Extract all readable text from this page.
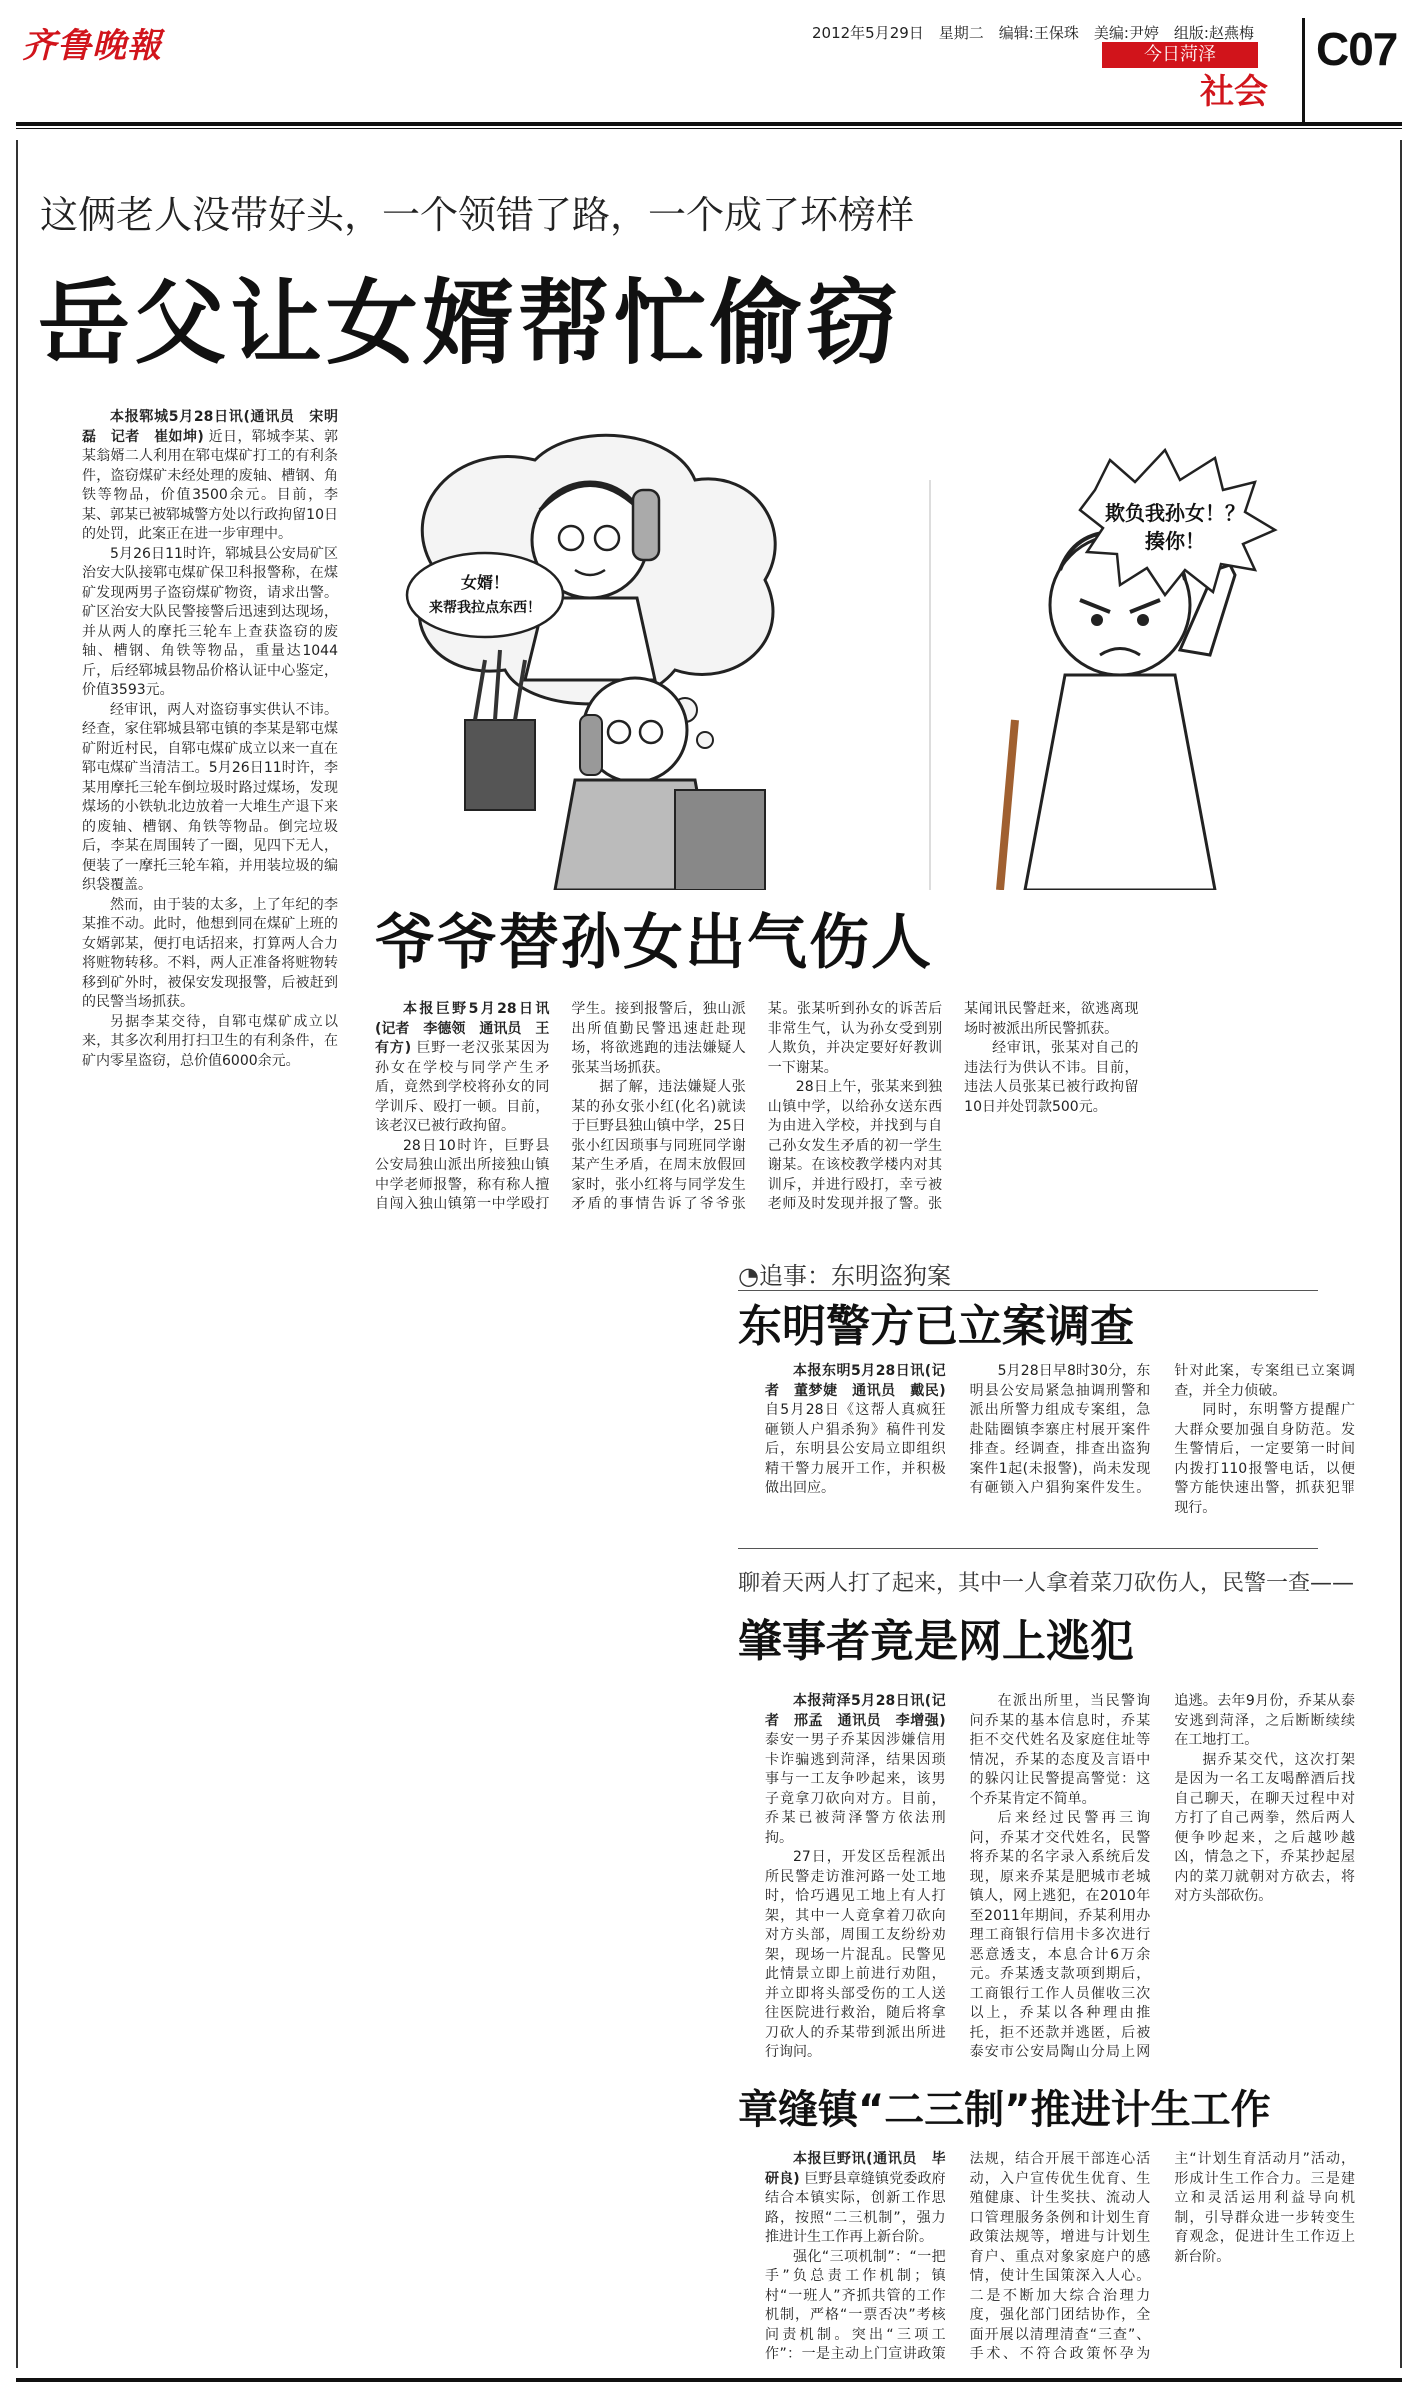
齐鲁晚報	2012年5月29日　星期二　编辑:王保珠　美编:尹婷　组版:赵燕梅
今日菏泽
社会
C07
这俩老人没带好头，一个领错了路，一个成了坏榜样
岳父让女婿帮忙偷窃

本报郓城5月28日讯(通讯员　宋明磊　记者　崔如坤) 近日，郓城李某、郭某翁婿二人利用在郓屯煤矿打工的有利条件，盗窃煤矿未经处理的废轴、槽钢、角铁等物品，价值3500余元。目前，李某、郭某已被郓城警方处以行政拘留10日的处罚，此案正在进一步审理中。

5月26日11时许，郓城县公安局矿区治安大队接郓屯煤矿保卫科报警称，在煤矿发现两男子盗窃煤矿物资，请求出警。矿区治安大队民警接警后迅速到达现场，并从两人的摩托三轮车上查获盗窃的废轴、槽钢、角铁等物品，重量达1044斤，后经郓城县物品价格认证中心鉴定，价值3593元。

经审讯，两人对盗窃事实供认不讳。经查，家住郓城县郓屯镇的李某是郓屯煤矿附近村民，自郓屯煤矿成立以来一直在郓屯煤矿当清洁工。5月26日11时许，李某用摩托三轮车倒垃圾时路过煤场，发现煤场的小铁轨北边放着一大堆生产退下来的废轴、槽钢、角铁等物品。倒完垃圾后，李某在周围转了一圈，见四下无人，便装了一摩托三轮车箱，并用装垃圾的编织袋覆盖。

然而，由于装的太多，上了年纪的李某推不动。此时，他想到同在煤矿上班的女婿郭某，便打电话招来，打算两人合力将赃物转移。不料，两人正准备将赃物转移到矿外时，被保安发现报警，后被赶到的民警当场抓获。

另据李某交待，自郓屯煤矿成立以来，其多次利用打扫卫生的有利条件，在矿内零星盗窃，总价值6000余元。

女婿！
来帮我拉点东西！
欺负我孙女！？
揍你！
爷爷替孙女出气伤人

本报巨野5月28日讯(记者　李德领　通讯员　王有方) 巨野一老汉张某因为孙女在学校与同学产生矛盾，竟然到学校将孙女的同学训斥、殴打一顿。目前，该老汉已被行政拘留。

28日10时许，巨野县公安局独山派出所接独山镇中学老师报警，称有称人擅自闯入独山镇第一中学殴打学生。接到报警后，独山派出所值勤民警迅速赶赴现场，将欲逃跑的违法嫌疑人张某当场抓获。

据了解，违法嫌疑人张某的孙女张小红(化名)就读于巨野县独山镇中学，25日张小红因琐事与同班同学谢某产生矛盾，在周末放假回家时，张小红将与同学发生矛盾的事情告诉了爷爷张某。张某听到孙女的诉苦后非常生气，认为孙女受到别人欺负，并决定要好好教训一下谢某。

28日上午，张某来到独山镇中学，以给孙女送东西为由进入学校，并找到与自己孙女发生矛盾的初一学生谢某。在该校教学楼内对其训斥，并进行殴打，幸亏被老师及时发现并报了警。张某闻讯民警赶来，欲逃离现场时被派出所民警抓获。

经审讯，张某对自己的违法行为供认不讳。目前，违法人员张某已被行政拘留10日并处罚款500元。

◔追事：东明盗狗案
东明警方已立案调查

本报东明5月28日讯(记者　董梦婕　通讯员　戴民) 自5月28日《这帮人真疯狂　砸锁人户猖杀狗》稿件刊发后，东明县公安局立即组织精干警力展开工作，并积极做出回应。

5月28日早8时30分，东明县公安局紧急抽调刑警和派出所警力组成专案组，急赴陆圈镇李寨庄村展开案件排查。经调查，排查出盗狗案件1起(未报警)，尚未发现有砸锁入户猖狗案件发生。针对此案，专案组已立案调查，并全力侦破。

同时，东明警方提醒广大群众要加强自身防范。发生警情后，一定要第一时间内拨打110报警电话，以便警方能快速出警，抓获犯罪现行。

聊着天两人打了起来，其中一人拿着菜刀砍伤人，民警一查——
肇事者竟是网上逃犯

本报菏泽5月28日讯(记者　邢孟　通讯员　李增强) 泰安一男子乔某因涉嫌信用卡诈骗逃到菏泽，结果因琐事与一工友争吵起来，该男子竟拿刀砍向对方。目前，乔某已被菏泽警方依法刑拘。

27日，开发区岳程派出所民警走访淮河路一处工地时，恰巧遇见工地上有人打架，其中一人竟拿着刀砍向对方头部，周围工友纷纷劝架，现场一片混乱。民警见此情景立即上前进行劝阻，并立即将头部受伤的工人送往医院进行救治，随后将拿刀砍人的乔某带到派出所进行询问。

在派出所里，当民警询问乔某的基本信息时，乔某拒不交代姓名及家庭住址等情况，乔某的态度及言语中的躲闪让民警提高警觉：这个乔某肯定不简单。

后来经过民警再三询问，乔某才交代姓名，民警将乔某的名字录入系统后发现，原来乔某是肥城市老城镇人，网上逃犯，在2010年至2011年期间，乔某利用办理工商银行信用卡多次进行恶意透支，本息合计6万余元。乔某透支款项到期后，工商银行工作人员催收三次以上，乔某以各种理由推托，拒不还款并逃匿，后被泰安市公安局陶山分局上网追逃。去年9月份，乔某从泰安逃到菏泽，之后断断续续在工地打工。

据乔某交代，这次打架是因为一名工友喝醉酒后找自己聊天，在聊天过程中对方打了自己两拳，然后两人便争吵起来，之后越吵越凶，情急之下，乔某抄起屋内的菜刀就朝对方砍去，将对方头部砍伤。

章缝镇“二三制”推进计生工作

本报巨野讯(通讯员　毕研良) 巨野县章缝镇党委政府结合本镇实际，创新工作思路，按照“二三机制”，强力推进计生工作再上新台阶。

强化“三项机制”：“一把手”负总责工作机制；镇村“一班人”齐抓共管的工作机制，严格“一票否决”考核问责机制。突出“三项工作”：一是主动上门宣讲政策法规，结合开展干部连心活动，入户宣传优生优育、生殖健康、计生奖扶、流动人口管理服务条例和计划生育政策法规等，增进与计划生育户、重点对象家庭户的感情，使计生国策深入人心。二是不断加大综合治理力度，强化部门团结协作，全面开展以清理清查“三查”、手术、不符合政策怀孕为主“计划生育活动月”活动，形成计生工作合力。三是建立和灵活运用利益导向机制，引导群众进一步转变生育观念，促进计生工作迈上新台阶。
